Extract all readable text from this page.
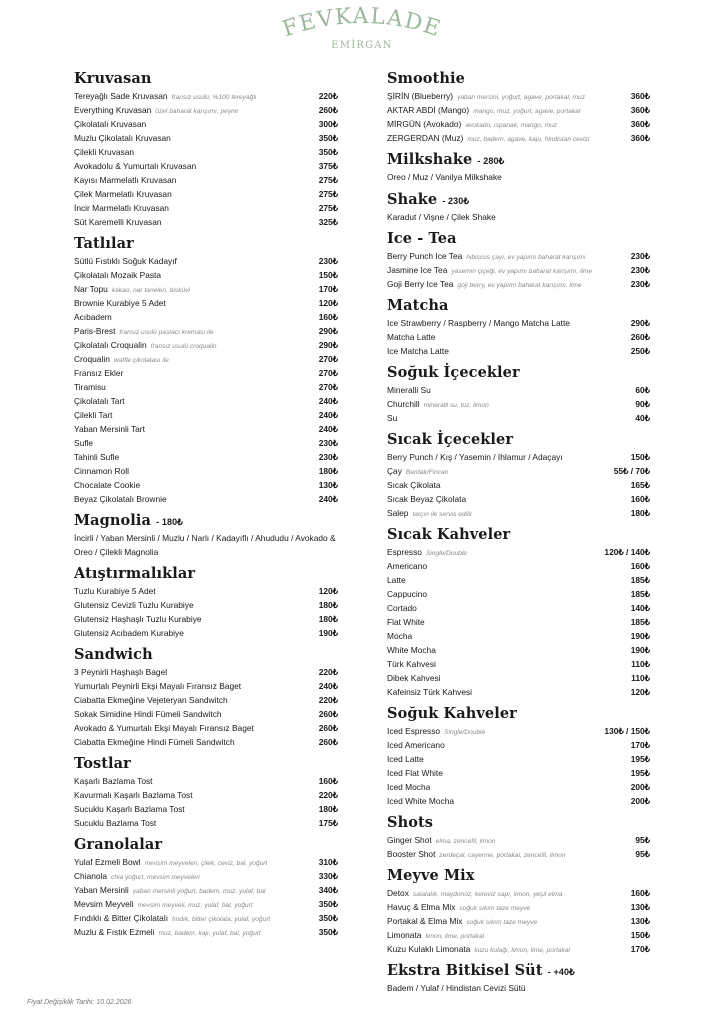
FEVKALADE
EMİRGAN
Kruvasan
Tereyağlı Sade Kruvasan fransız usulü, %100 tereyağlı	220₺
Everything Kruvasan özel baharat karışımı, peynir	260₺
Çikolatalı Kruvasan	300₺
Muzlu Çikolatalı Kruvasan	350₺
Çilekli Kruvasan	350₺
Avokadolu & Yumurtalı Kruvasan	375₺
Kayısı Marmelatlı Kruvasan	275₺
Çilek Marmelatlı Kruvasan	275₺
İncir Marmelatlı Kruvasan	275₺
Süt Karemelli Kruvasan	325₺
Tatlılar
Sütlü Fıstıklı Soğuk Kadayıf	230₺
Çikolatalı Mozaik Pasta	150₺
Nar Topu kakao, nar taneleri, bisküvi	170₺
Brownie Kurabiye 5 Adet	120₺
Acıbadem	160₺
Paris-Brest fransız usulü pastacı kreması ile	290₺
Çikolatalı Croqualin fransız usulü croqualin	290₺
Croqualin waffle çikolatası ile	270₺
Fransız Ekler	270₺
Tiramisu	270₺
Çikolatalı Tart	240₺
Çilekli Tart	240₺
Yaban Mersinli Tart	240₺
Sufle	230₺
Tahinli Sufle	230₺
Cinnamon Roll	180₺
Chocalate Cookie	130₺
Beyaz Çikolatalı Brownie	240₺
Magnolia - 180₺
İncirli / Yaban Mersinli / Muzlu / Narlı / Kadayıflı / Ahududu / Avokado & Oreo / Çilekli Magnolia
Atıştırmalıklar
Tuzlu Kurabiye 5 Adet	120₺
Glutensiz Cevizli Tuzlu Kurabiye	180₺
Glutensiz Haşhaşlı Tuzlu Kurabiye	180₺
Glutensiz Acıbadem Kurabiye	190₺
Sandwich
3 Peynirli Haşhaşlı Bagel	220₺
Yumurtalı Peynirli Ekşi Mayalı Fıransız Baget	240₺
Ciabatta Ekmeğine Vejeteryan Sandwitch	220₺
Sokak Simidine Hindi Fümeli Sandwitch	260₺
Avokado & Yumurtalı Ekşi Mayalı Fıransız Baget	260₺
Ciabatta Ekmeğine Hindi Fümeli Sandwitch	260₺
Tostlar
Kaşarlı Bazlama Tost	160₺
Kavurmalı Kaşarlı Bazlama Tost	220₺
Sucuklu Kaşarlı Bazlama Tost	180₺
Sucuklu Bazlama Tost	175₺
Granolalar
Yulaf Ezmeli Bowl mevsim meyveleri, çilek, ceviz, bal, yoğurt	310₺
Chianola chia yoğurt, mevsim meyveleri	330₺
Yaban Mersinli yaban mersinli yoğurt, badem, muz, yulaf, bal	340₺
Mevsim Meyveli mevsim meyveli, muz, yulaf, bal, yoğurt	350₺
Fındıklı & Bitter Çikolatalı fındık, bitter çikolata, yulaf, yoğurt	350₺
Muzlu & Fıstık Ezmeli muz, badem, kajı, yulaf, bal, yoğurt	350₺
Smoothie
ŞİRİN (Blueberry) yaban mersini, yoğurt, agave, portakal, muz	360₺
AKTAR ABDİ (Mango) mango, muz, yoğurt, agave, portakal	360₺
MİRGÜN (Avokado) avokado, ıspanak, mango, muz	360₺
ZERGERDAN (Muz) muz, badem, agave, kaju, hindistan cevizi	360₺
Milkshake - 280₺
Oreo / Muz / Vanilya Milkshake
Shake - 230₺
Karadut / Vişne / Çilek Shake
Ice - Tea
Berry Punch Ice Tea hibiscus çayı, ev yapımı baharat karışımı	230₺
Jasmine Ice Tea yasemin çiçeği, ev yapımı baharat karışımı, lime	230₺
Goji Berry Ice Tea goji berry, ev yapımı baharat karışımı, lime	230₺
Matcha
Ice Strawberry / Raspberry / Mango Matcha Latte	290₺
Matcha Latte	260₺
Ice Matcha Latte	250₺
Soğuk İçecekler
Mineralli Su	60₺
Churchill mineralli su, tuz, limon	90₺
Su	40₺
Sıcak İçecekler
Berry Punch / Kış / Yasemin / Ihlamur / Adaçayı	150₺
Çay Bardak/Fincan	55₺ / 70₺
Sıcak Çikolata	165₺
Sıcak Beyaz Çikolata	160₺
Salep tarçın ile servis edilir	180₺
Sıcak Kahveler
Espresso Single/Double	120₺ / 140₺
Americano	160₺
Latte	185₺
Cappucino	185₺
Cortado	140₺
Flat White	185₺
Mocha	190₺
White Mocha	190₺
Türk Kahvesi	110₺
Dibek Kahvesi	110₺
Kafeinsiz Türk Kahvesi	120₺
Soğuk Kahveler
Iced Espresso Single/Double	130₺ / 150₺
Iced Americano	170₺
Iced Latte	195₺
Iced Flat White	195₺
Iced Mocha	200₺
Iced White Mocha	200₺
Shots
Ginger Shot elma, zencefil, limon	95₺
Booster Shot zerdeçal, cayenne, portakal, zencefil, limon	95₺
Meyve Mix
Detox salatalık, maydonoz, kereviz sapı, limon, yeşil elma	160₺
Havuç & Elma Mix soğuk sıkım taze meyve	130₺
Portakal & Elma Mix soğuk sıkım taze meyve	130₺
Limonata limon, lime, portakal	150₺
Kuzu Kulaklı Limonata kuzu kulağı, limon, lime, portakal	170₺
Ekstra Bitkisel Süt - +40₺
Badem / Yulaf / Hindistan Cevizi Sütü
Fiyat Değişiklik Tarihi: 10.02.2026
